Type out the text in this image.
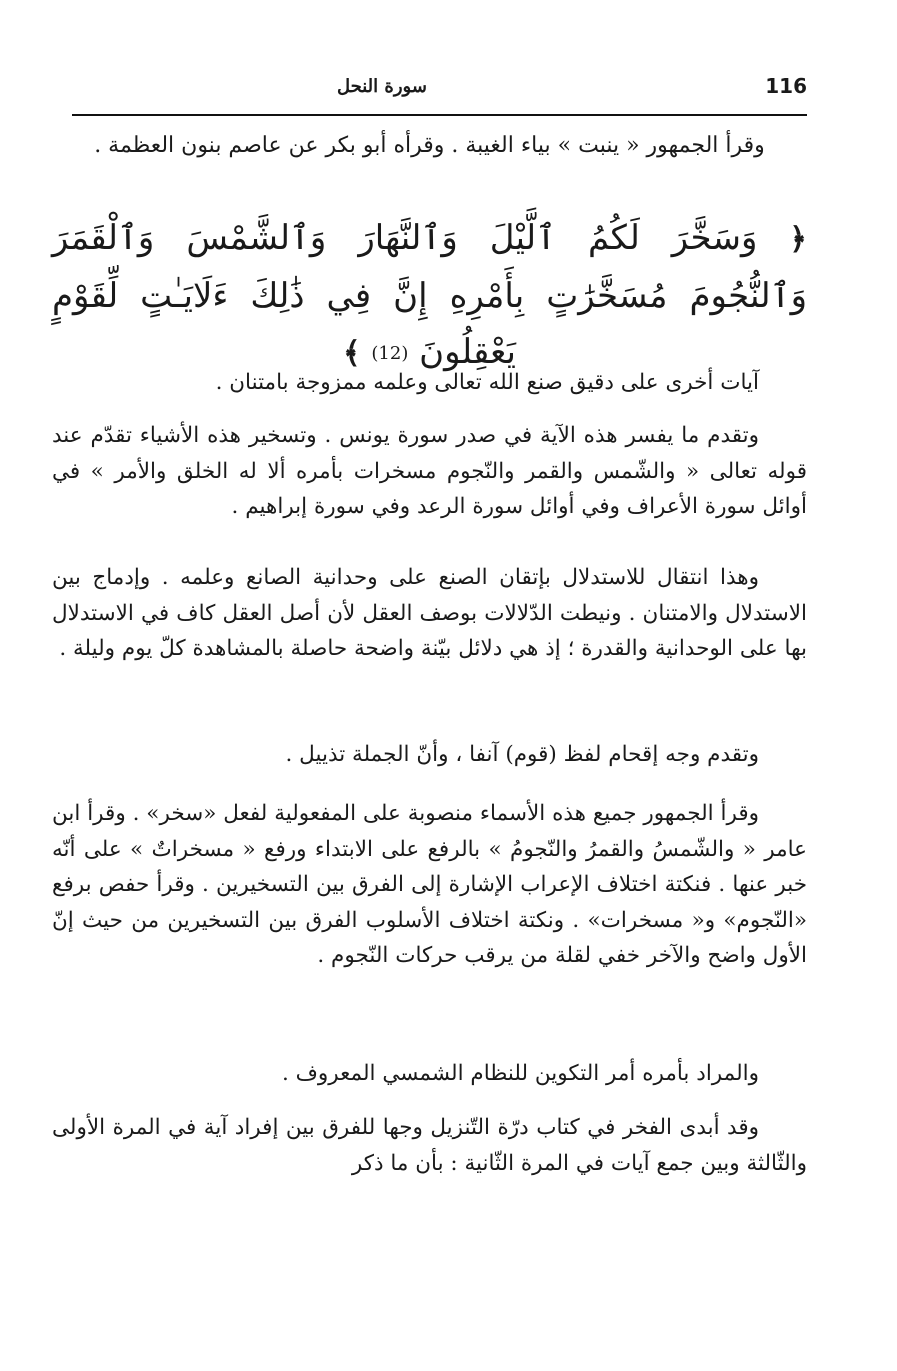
116
سورة النحل
وقرأ الجمهور « ينبت » بياء الغيبة . وقرأه أبو بكر عن عاصم بنون العظمة .
﴿ وَسَخَّرَ لَكُمُ ٱلَّيْلَ وَٱلنَّهَارَ وَٱلشَّمْسَ وَٱلْقَمَرَ وَٱلنُّجُومَ مُسَخَّرَٰتٍ بِأَمْرِهِ إِنَّ فِي ذَٰلِكَ ءَلَايَـٰتٍ لِّقَوْمٍ يَعْقِلُونَ (12) ﴾
آيات أخرى على دقيق صنع الله تعالى وعلمه ممزوجة بامتنان .
وتقدم ما يفسر هذه الآية في صدر سورة يونس . وتسخير هذه الأشياء تقدّم عند قوله تعالى « والشّمس والقمر والنّجوم مسخرات بأمره ألا له الخلق والأمر » في أوائل سورة الأعراف وفي أوائل سورة الرعد وفي سورة إبراهيم .
وهذا انتقال للاستدلال بإتقان الصنع على وحدانية الصانع وعلمه . وإدماج بين الاستدلال والامتنان . ونيطت الدّلالات بوصف العقل لأن أصل العقل كاف في الاستدلال بها على الوحدانية والقدرة ؛ إذ هي دلائل بيّنة واضحة حاصلة بالمشاهدة كلّ يوم وليلة .
وتقدم وجه إقحام لفظ (قوم) آنفا ، وأنّ الجملة تذييل .
وقرأ الجمهور جميع هذه الأسماء منصوبة على المفعولية لفعل «سخر» . وقرأ ابن عامر « والشّمسُ والقمرُ والنّجومُ » بالرفع على الابتداء ورفع « مسخراتٌ » على أنّه خبر عنها . فنكتة اختلاف الإعراب الإشارة إلى الفرق بين التسخيرين . وقرأ حفص برفع «النّجوم» و« مسخرات» . ونكتة اختلاف الأسلوب الفرق بين التسخيرين من حيث إنّ الأول واضح والآخر خفي لقلة من يرقب حركات النّجوم .
والمراد بأمره أمر التكوين للنظام الشمسي المعروف .
وقد أبدى الفخر في كتاب درّة التّنزيل وجها للفرق بين إفراد آية في المرة الأولى والثّالثة وبين جمع آيات في المرة الثّانية : بأن ما ذكر
